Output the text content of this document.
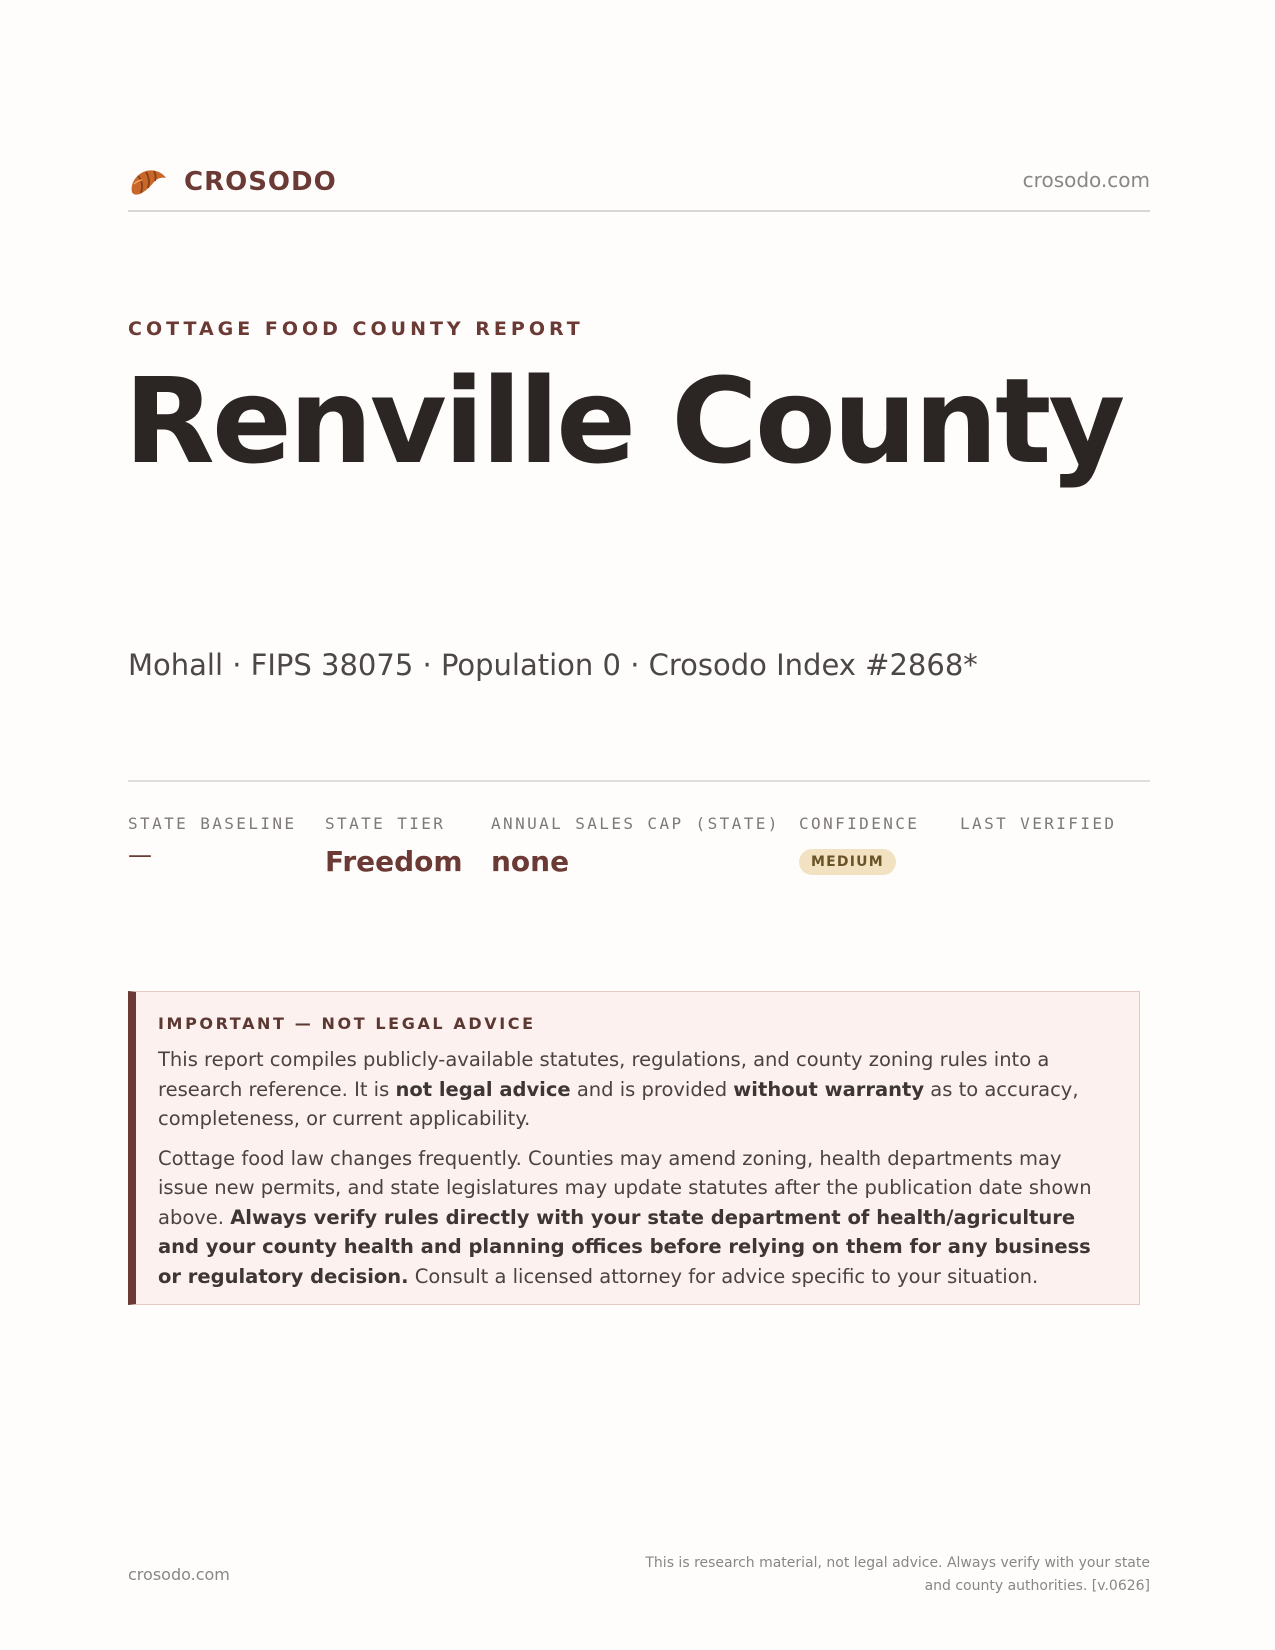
CROSODO	crosodo.com
COTTAGE FOOD COUNTY REPORT
Renville County
Mohall · FIPS 38075 · Population 0 · Crosodo Index #2868*
STATE BASELINE
—
STATE TIER
Freedom
ANNUAL SALES CAP (STATE)
none
CONFIDENCE
MEDIUM
LAST VERIFIED
IMPORTANT — NOT LEGAL ADVICE

This report compiles publicly-available statutes, regulations, and county zoning rules into a research reference. It is not legal advice and is provided without warranty as to accuracy, completeness, or current applicability.

Cottage food law changes frequently. Counties may amend zoning, health departments may issue new permits, and state legislatures may update statutes after the publication date shown above. Always verify rules directly with your state department of health/agriculture and your county health and planning offices before relying on them for any business or regulatory decision. Consult a licensed attorney for advice specific to your situation.

crosodo.com
This is research material, not legal advice. Always verify with your state
and county authorities. [v.0626]
